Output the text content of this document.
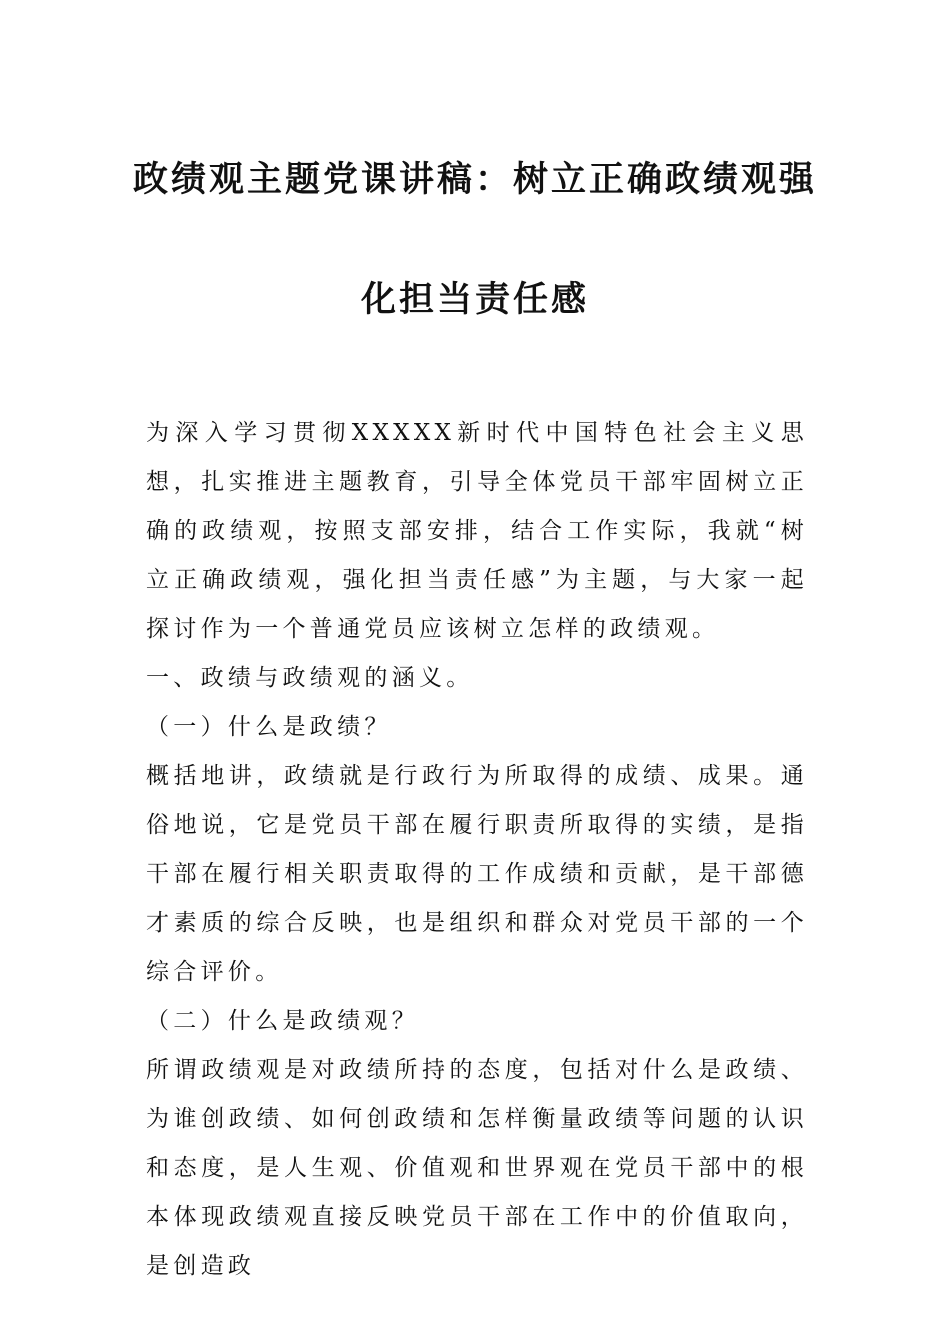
政绩观主题党课讲稿：树立正确政绩观强
化担当责任感

为深入学习贯彻XXXXX新时代中国特色社会主义思想，扎实推进主题教育，引导全体党员干部牢固树立正确的政绩观，按照支部安排，结合工作实际，我就“树立正确政绩观，强化担当责任感”为主题，与大家一起探讨作为一个普通党员应该树立怎样的政绩观。

一、政绩与政绩观的涵义。

（一）什么是政绩？

概括地讲，政绩就是行政行为所取得的成绩、成果。通俗地说，它是党员干部在履行职责所取得的实绩，是指干部在履行相关职责取得的工作成绩和贡献，是干部德才素质的综合反映，也是组织和群众对党员干部的一个综合评价。

（二）什么是政绩观？

所谓政绩观是对政绩所持的态度，包括对什么是政绩、为谁创政绩、如何创政绩和怎样衡量政绩等问题的认识和态度，是人生观、价值观和世界观在党员干部中的根本体现政绩观直接反映党员干部在工作中的价值取向，是创造政
